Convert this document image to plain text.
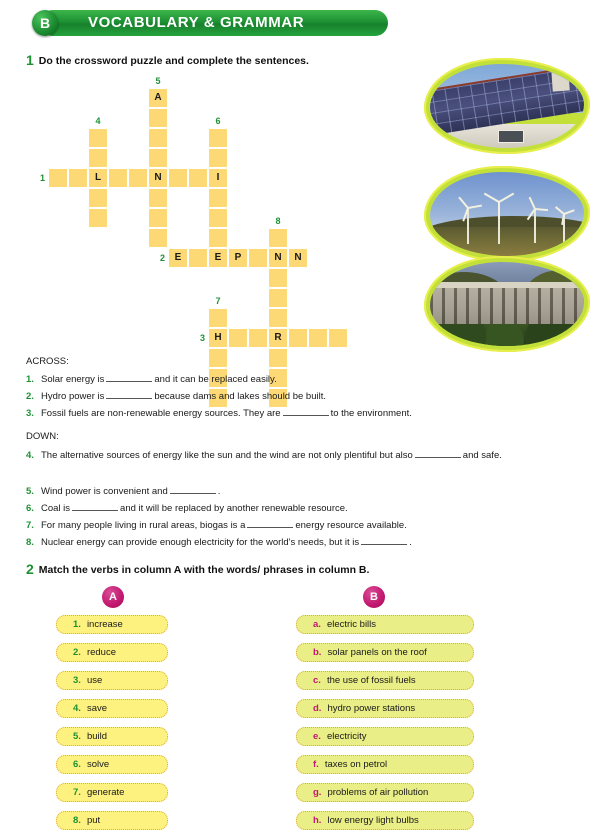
B	VOCABULARY & GRAMMAR
1 Do the crossword puzzle and complete the sentences.
L	N	I
E	E	P	N	N
H	R
A
1
2
3
4
5
6
7
8
ACROSS:
1. Solar energy is	and it can be replaced easily.
2. Hydro power is	because dams and lakes should be built.
3. Fossil fuels are non-renewable energy sources. They are	to the environment.
DOWN:
4. The alternative sources of energy like the sun and the wind are not only plentiful but also	and safe.
5. Wind power is convenient and	.
6. Coal is	and it will be replaced by another renewable resource.
7. For many people living in rural areas, biogas is a	energy resource available.
8. Nuclear energy can provide enough electricity for the world's needs, but it is	.
2 Match the verbs in column A with the words/ phrases in column B.
A	B
1. increase
2. reduce
3. use
4. save
5. build
6. solve
7. generate
8. put
a. electric bills
b. solar panels on the roof
c. the use of fossil fuels
d. hydro power stations
e. electricity
f. taxes on petrol
g. problems of air pollution
h. low energy light bulbs
